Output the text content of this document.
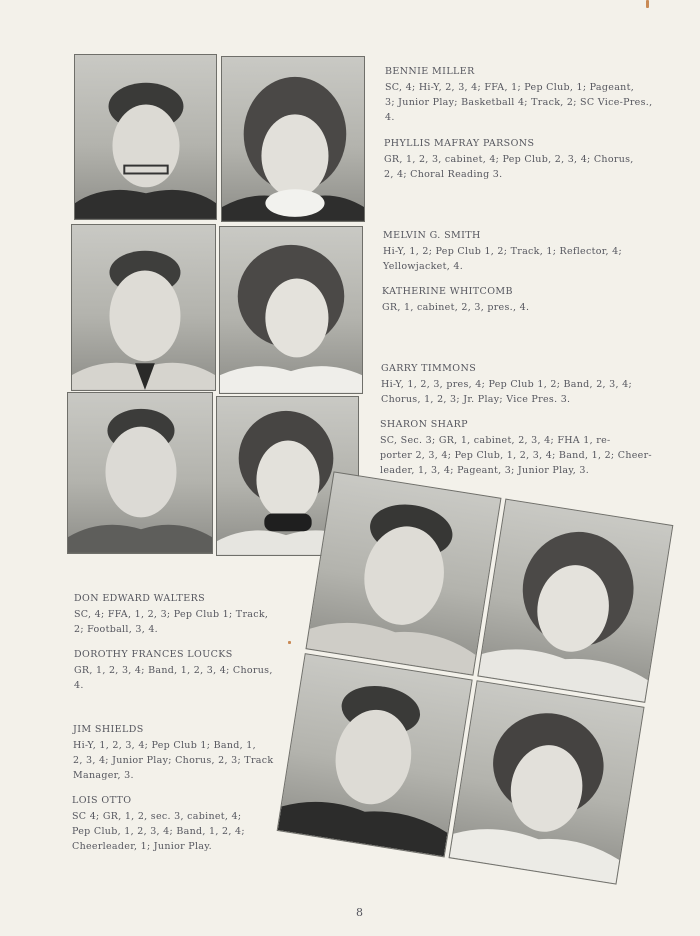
BENNIE MILLER

SC, 4; Hi-Y, 2, 3, 4; FFA, 1; Pep Club, 1; Pageant,
3; Junior Play; Basketball 4; Track, 2; SC Vice-Pres.,
4.

PHYLLIS MAFRAY PARSONS

GR, 1, 2, 3, cabinet, 4; Pep Club, 2, 3, 4; Chorus,
2, 4; Choral Reading 3.

MELVIN G. SMITH

Hi-Y, 1, 2; Pep Club 1, 2; Track, 1; Reflector, 4;
Yellowjacket, 4.

KATHERINE WHITCOMB

GR, 1, cabinet, 2, 3, pres., 4.

GARRY TIMMONS

Hi-Y, 1, 2, 3, pres, 4; Pep Club 1, 2; Band, 2, 3, 4;
Chorus, 1, 2, 3; Jr. Play; Vice Pres. 3.

SHARON SHARP

SC, Sec. 3; GR, 1, cabinet, 2, 3, 4; FHA 1, re-
porter 2, 3, 4; Pep Club, 1, 2, 3, 4; Band, 1, 2; Cheer-
leader, 1, 3, 4; Pageant, 3; Junior Play, 3.

DON EDWARD WALTERS

SC, 4; FFA, 1, 2, 3; Pep Club 1; Track,
2; Football, 3, 4.

DOROTHY FRANCES LOUCKS

GR, 1, 2, 3, 4; Band, 1, 2, 3, 4; Chorus,
4.

JIM SHIELDS

Hi-Y, 1, 2, 3, 4; Pep Club 1; Band, 1,
2, 3, 4; Junior Play; Chorus, 2, 3; Track
Manager, 3.

LOIS OTTO

SC 4; GR, 1, 2, sec. 3, cabinet, 4;
Pep Club, 1, 2, 3, 4; Band, 1, 2, 4;
Cheerleader, 1; Junior Play.

8
